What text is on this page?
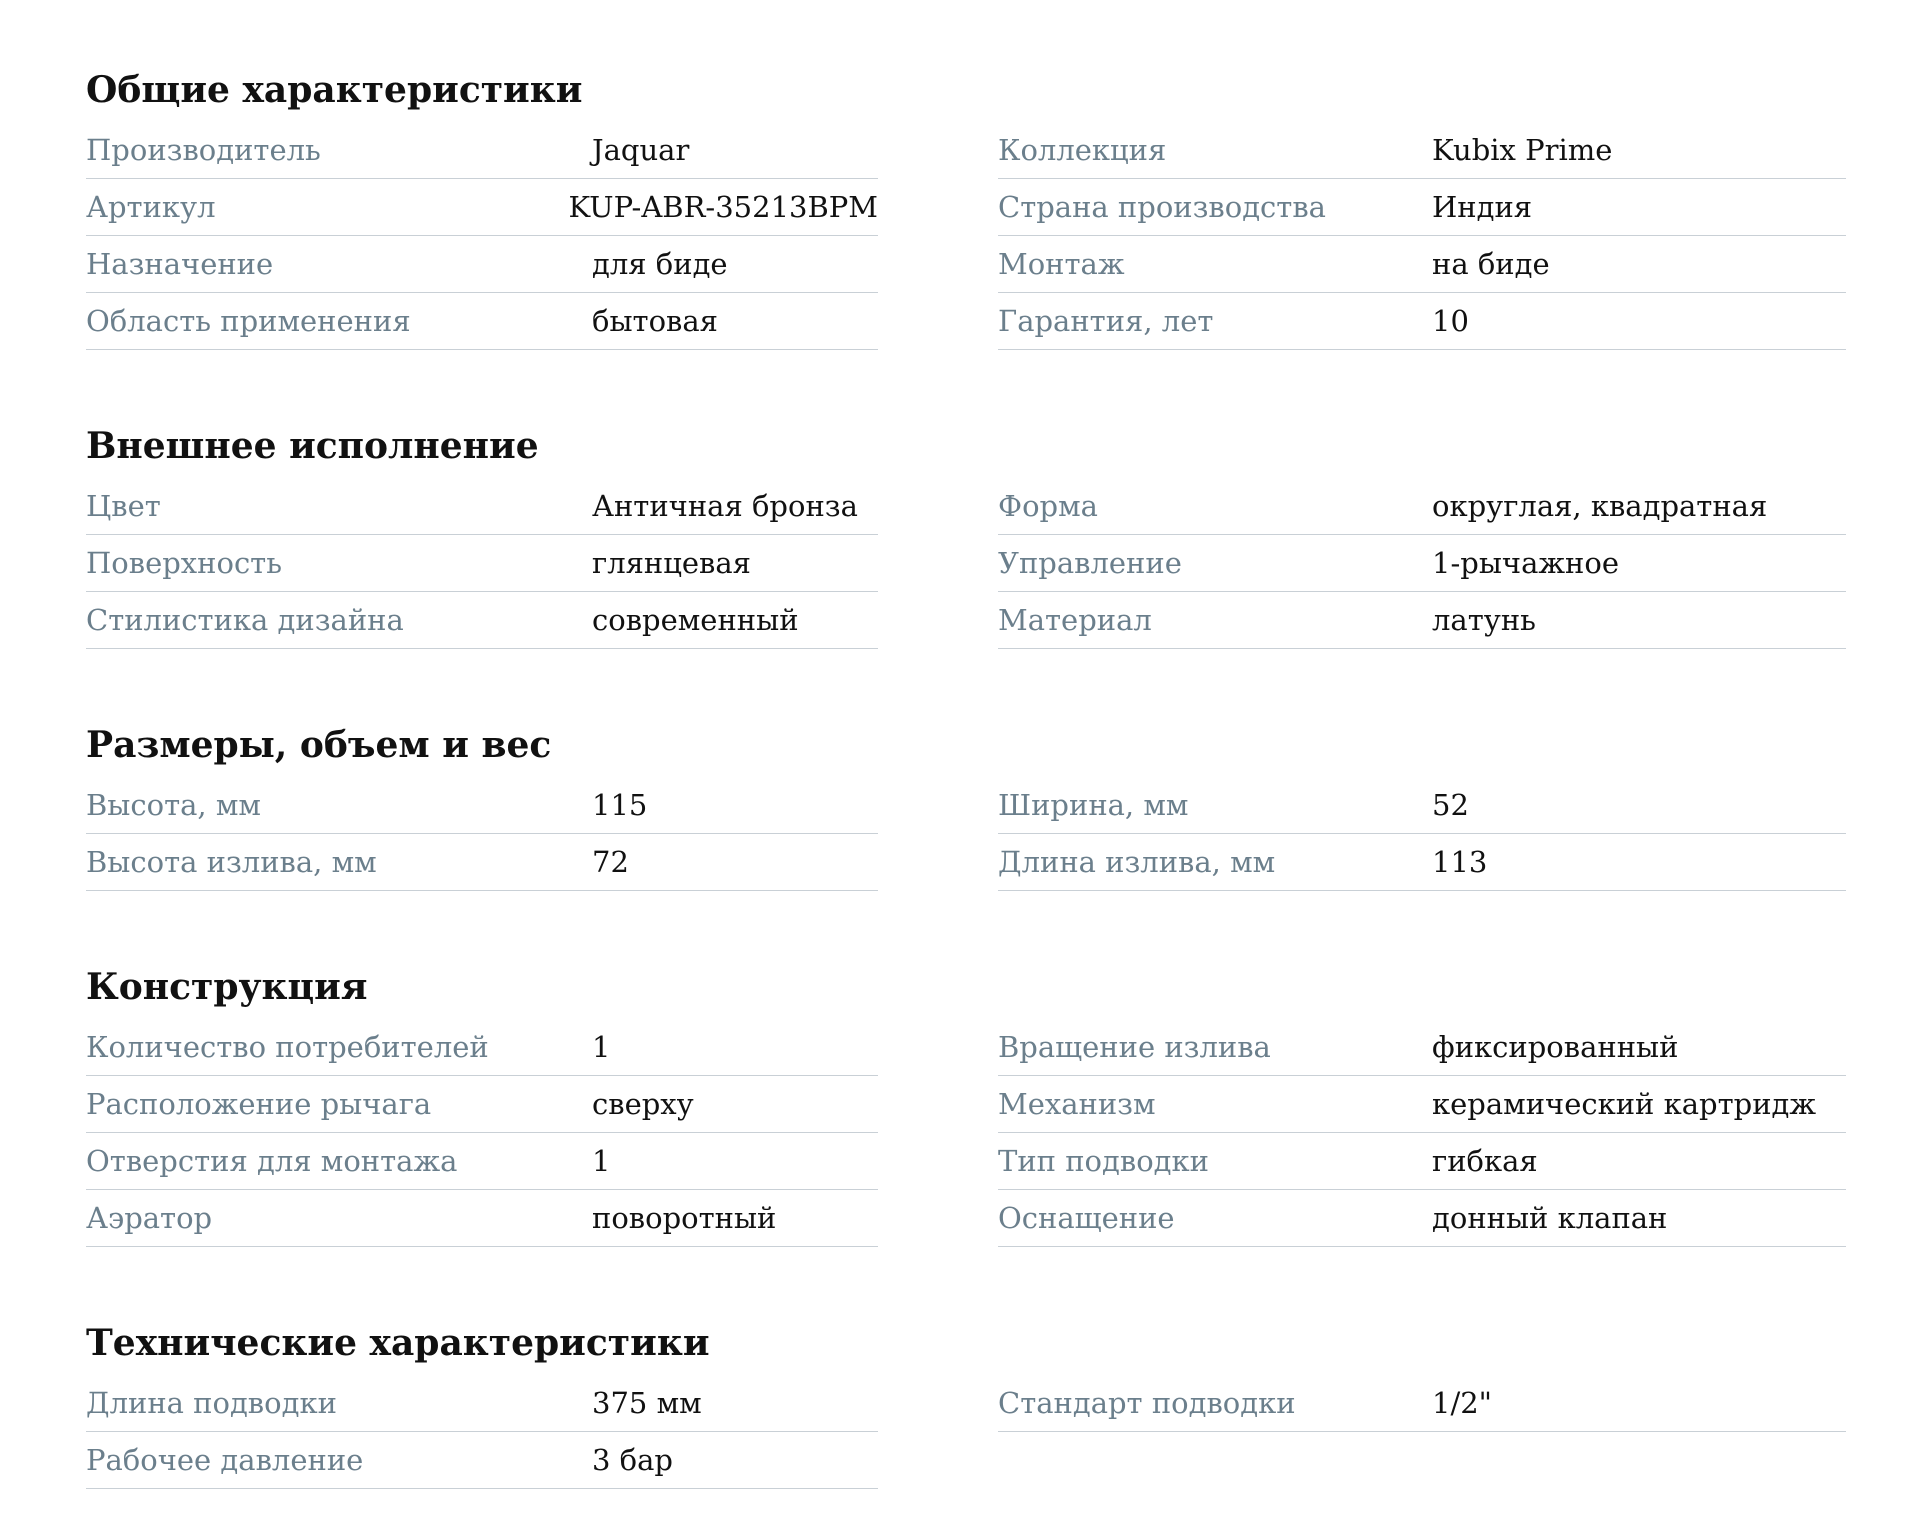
Общие характеристики
Производитель	Jaquar
Артикул	KUP-ABR-35213BPM
Назначение	для биде
Область применения	бытовая
Коллекция	Kubix Prime
Страна производства	Индия
Монтаж	на биде
Гарантия, лет	10
Внешнее исполнение
Цвет	Античная бронза
Поверхность	глянцевая
Стилистика дизайна	современный
Форма	округлая, квадратная
Управление	1-рычажное
Материал	латунь
Размеры, объем и вес
Высота, мм	115
Высота излива, мм	72
Ширина, мм	52
Длина излива, мм	113
Конструкция
Количество потребителей	1
Расположение рычага	сверху
Отверстия для монтажа	1
Аэратор	поворотный
Вращение излива	фиксированный
Механизм	керамический картридж
Тип подводки	гибкая
Оснащение	донный клапан
Технические характеристики
Длина подводки	375 мм
Рабочее давление	3 бар
Стандарт подводки	1/2"
